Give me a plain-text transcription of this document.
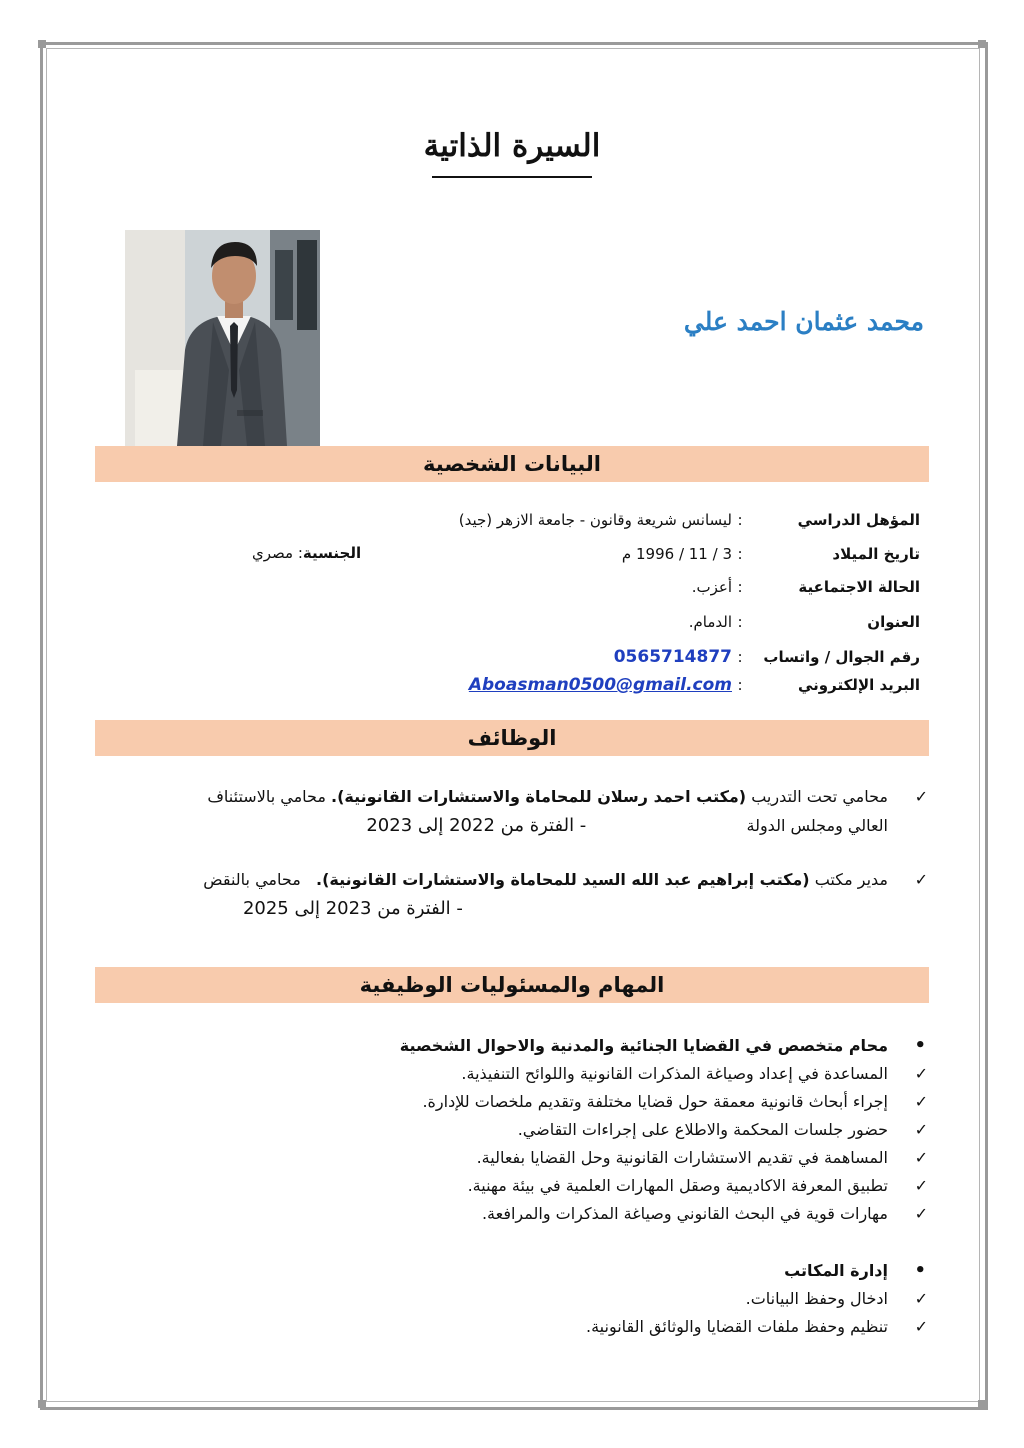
السيرة الذاتية
محمد عثمان احمد علي
البيانات الشخصية
المؤهل الدراسي
:
ليسانس شريعة وقانون - جامعة الازهر (جيد)
تاريخ الميلاد
:
3 / 11 / 1996 م
الجنسية: مصري
الحالة الاجتماعية
:
أعزب.
العنوان
:
الدمام.
رقم الجوال / واتساب
:
0565714877
البريد الإلكتروني
:
Aboasman0500@gmail.com
الوظائف
✓
محامي تحت التدريب (مكتب احمد رسلان للمحاماة والاستشارات القانونية). محامي بالاستئناف
العالي ومجلس الدولة  - الفترة من 2022 إلى 2023
✓
مدير مكتب (مكتب إبراهيم عبد الله السيد للمحاماة والاستشارات القانونية).   محامي بالنقض
- الفترة من 2023 إلى 2025
المهام والمسئوليات الوظيفية
•
محام متخصص في القضايا الجنائية والمدنية والاحوال الشخصية
✓
المساعدة في إعداد وصياغة المذكرات القانونية واللوائح التنفيذية.
✓
إجراء أبحاث قانونية معمقة حول قضايا مختلفة وتقديم ملخصات للإدارة.
✓
حضور جلسات المحكمة والاطلاع على إجراءات التقاضي.
✓
المساهمة في تقديم الاستشارات القانونية وحل القضايا بفعالية.
✓
تطبيق المعرفة الاكاديمية وصقل المهارات العلمية في بيئة مهنية.
✓
مهارات قوية في البحث القانوني وصياغة المذكرات والمرافعة.
•
إدارة المكاتب
✓
ادخال وحفظ البيانات.
✓
تنظيم وحفظ ملفات القضايا والوثائق القانونية.
